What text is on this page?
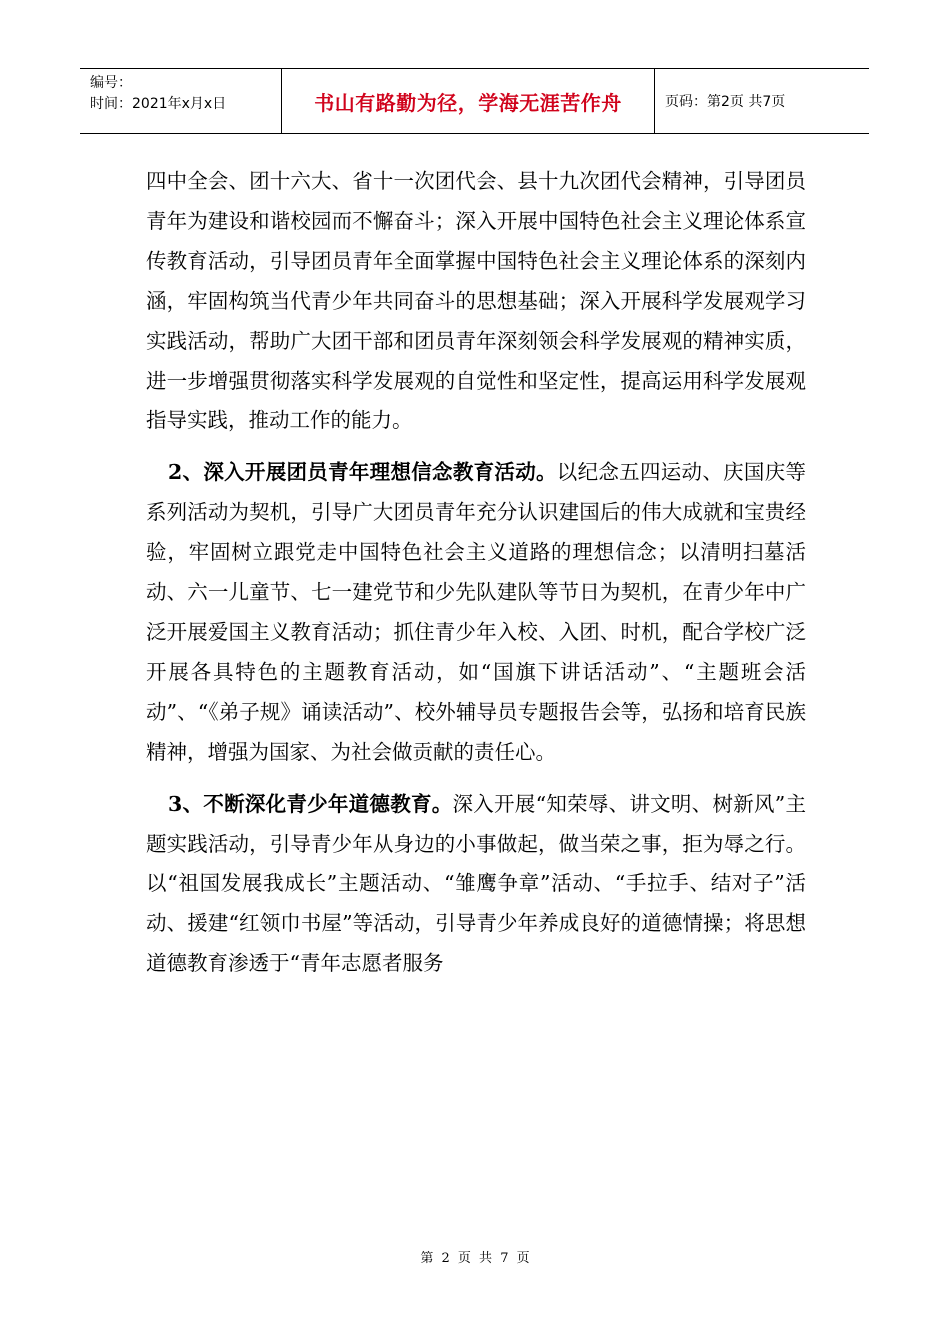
编号：
时间：2021年x月x日	书山有路勤为径，学海无涯苦作舟	页码：第2页 共7页

四中全会、团十六大、省十一次团代会、县十九次团代会精神，引导团员青年为建设和谐校园而不懈奋斗；深入开展中国特色社会主义理论体系宣传教育活动，引导团员青年全面掌握中国特色社会主义理论体系的深刻内涵，牢固构筑当代青少年共同奋斗的思想基础；深入开展科学发展观学习实践活动，帮助广大团干部和团员青年深刻领会科学发展观的精神实质，进一步增强贯彻落实科学发展观的自觉性和坚定性，提高运用科学发展观指导实践，推动工作的能力。

2、深入开展团员青年理想信念教育活动。以纪念五四运动、庆国庆等系列活动为契机，引导广大团员青年充分认识建国后的伟大成就和宝贵经验，牢固树立跟党走中国特色社会主义道路的理想信念；以清明扫墓活动、六一儿童节、七一建党节和少先队建队等节日为契机，在青少年中广泛开展爱国主义教育活动；抓住青少年入校、入团、时机，配合学校广泛开展各具特色的主题教育活动，如“国旗下讲话活动”、“主题班会活动”、“《弟子规》诵读活动”、校外辅导员专题报告会等，弘扬和培育民族精神，增强为国家、为社会做贡献的责任心。

3、不断深化青少年道德教育。深入开展“知荣辱、讲文明、树新风”主题实践活动，引导青少年从身边的小事做起，做当荣之事，拒为辱之行。以“祖国发展我成长”主题活动、“雏鹰争章”活动、“手拉手、结对子”活动、援建“红领巾书屋”等活动，引导青少年养成良好的道德情操；将思想道德教育渗透于“青年志愿者服务

第 2 页 共 7 页
